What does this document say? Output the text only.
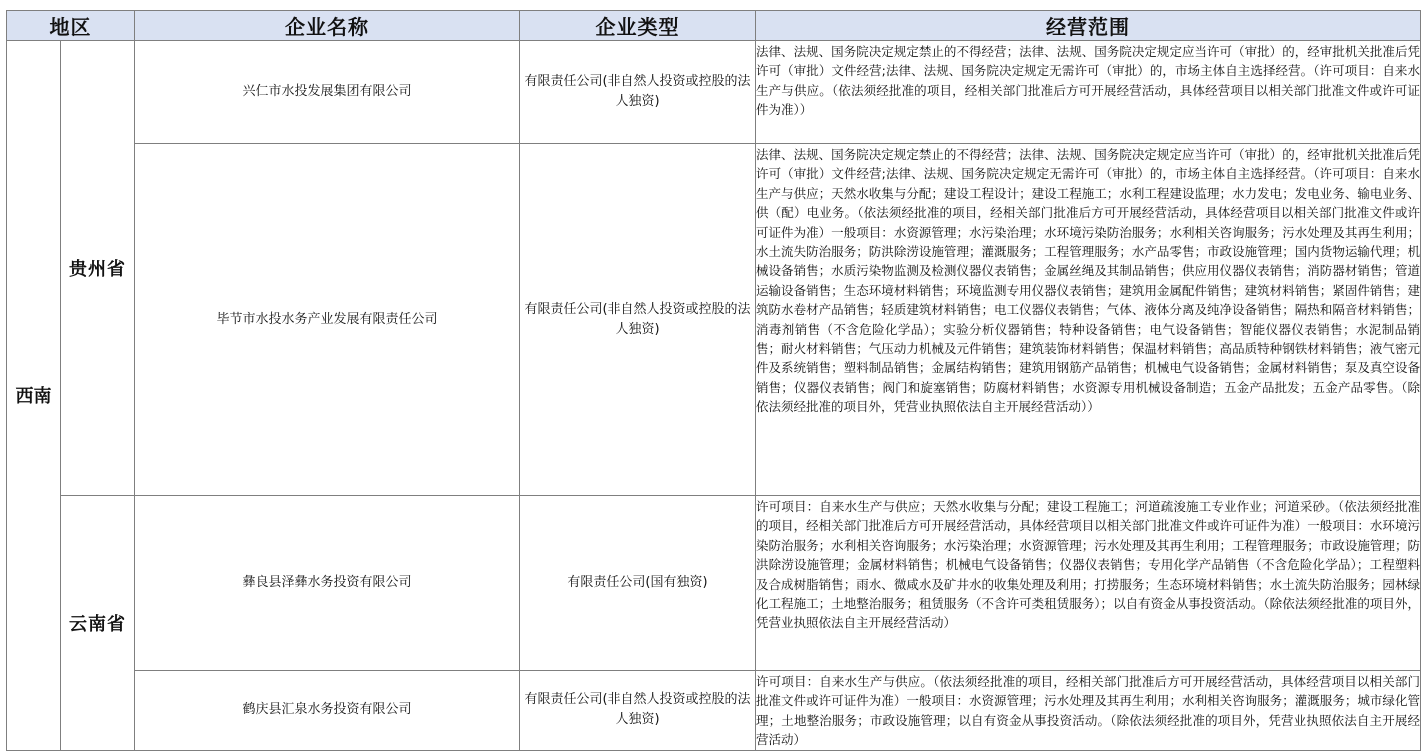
地区		企业名称	企业类型	经营范围
西南	贵州省	兴仁市水投发展集团有限公司	有限责任公司(非自然人投资或控股的法人独资)	法律、法规、国务院决定规定禁止的不得经营；法律、法规、国务院决定规定应当许可（审批）的，经审批机关批准后凭许可（审批）文件经营;法律、法规、国务院决定规定无需许可（审批）的，市场主体自主选择经营。（许可项目：自来水生产与供应。（依法须经批准的项目，经相关部门批准后方可开展经营活动，具体经营项目以相关部门批准文件或许可证件为准））

		毕节市水投水务产业发展有限责任公司	有限责任公司(非自然人投资或控股的法人独资)	法律、法规、国务院决定规定禁止的不得经营；法律、法规、国务院决定规定应当许可（审批）的，经审批机关批准后凭许可（审批）文件经营;法律、法规、国务院决定规定无需许可（审批）的，市场主体自主选择经营。（许可项目：自来水生产与供应；天然水收集与分配；建设工程设计；建设工程施工；水利工程建设监理；水力发电；发电业务、输电业务、供（配）电业务。（依法须经批准的项目，经相关部门批准后方可开展经营活动，具体经营项目以相关部门批准文件或许可证件为准）一般项目：水资源管理；水污染治理；水环境污染防治服务；水利相关咨询服务；污水处理及其再生利用；水土流失防治服务；防洪除涝设施管理；灌溉服务；工程管理服务；水产品零售；市政设施管理；国内货物运输代理；机械设备销售；水质污染物监测及检测仪器仪表销售；金属丝绳及其制品销售；供应用仪器仪表销售；消防器材销售；管道运输设备销售；生态环境材料销售；环境监测专用仪器仪表销售；建筑用金属配件销售；建筑材料销售；紧固件销售；建筑防水卷材产品销售；轻质建筑材料销售；电工仪器仪表销售；气体、液体分离及纯净设备销售；隔热和隔音材料销售；消毒剂销售（不含危险化学品）；实验分析仪器销售；特种设备销售；电气设备销售；智能仪器仪表销售；水泥制品销售；耐火材料销售；气压动力机械及元件销售；建筑装饰材料销售；保温材料销售；高品质特种钢铁材料销售；液气密元件及系统销售；塑料制品销售；金属结构销售；建筑用钢筋产品销售；机械电气设备销售；金属材料销售；泵及真空设备销售；仪器仪表销售；阀门和旋塞销售；防腐材料销售；水资源专用机械设备制造；五金产品批发；五金产品零售。（除依法须经批准的项目外，凭营业执照依法自主开展经营活动））

	云南省	彝良县泽彝水务投资有限公司	有限责任公司(国有独资)	许可项目：自来水生产与供应；天然水收集与分配；建设工程施工；河道疏浚施工专业作业；河道采砂。（依法须经批准的项目，经相关部门批准后方可开展经营活动，具体经营项目以相关部门批准文件或许可证件为准）一般项目：水环境污染防治服务；水利相关咨询服务；水污染治理；水资源管理；污水处理及其再生利用；工程管理服务；市政设施管理；防洪除涝设施管理；金属材料销售；机械电气设备销售；仪器仪表销售；专用化学产品销售（不含危险化学品）；工程塑料及合成树脂销售；雨水、微咸水及矿井水的收集处理及利用；打捞服务；生态环境材料销售；水土流失防治服务；园林绿化工程施工；土地整治服务；租赁服务（不含许可类租赁服务）；以自有资金从事投资活动。（除依法须经批准的项目外，凭营业执照依法自主开展经营活动）

		鹤庆县汇泉水务投资有限公司	有限责任公司(非自然人投资或控股的法人独资)	许可项目：自来水生产与供应。（依法须经批准的项目，经相关部门批准后方可开展经营活动，具体经营项目以相关部门批准文件或许可证件为准）一般项目：水资源管理；污水处理及其再生利用；水利相关咨询服务；灌溉服务；城市绿化管理；土地整治服务；市政设施管理；以自有资金从事投资活动。（除依法须经批准的项目外，凭营业执照依法自主开展经营活动）
